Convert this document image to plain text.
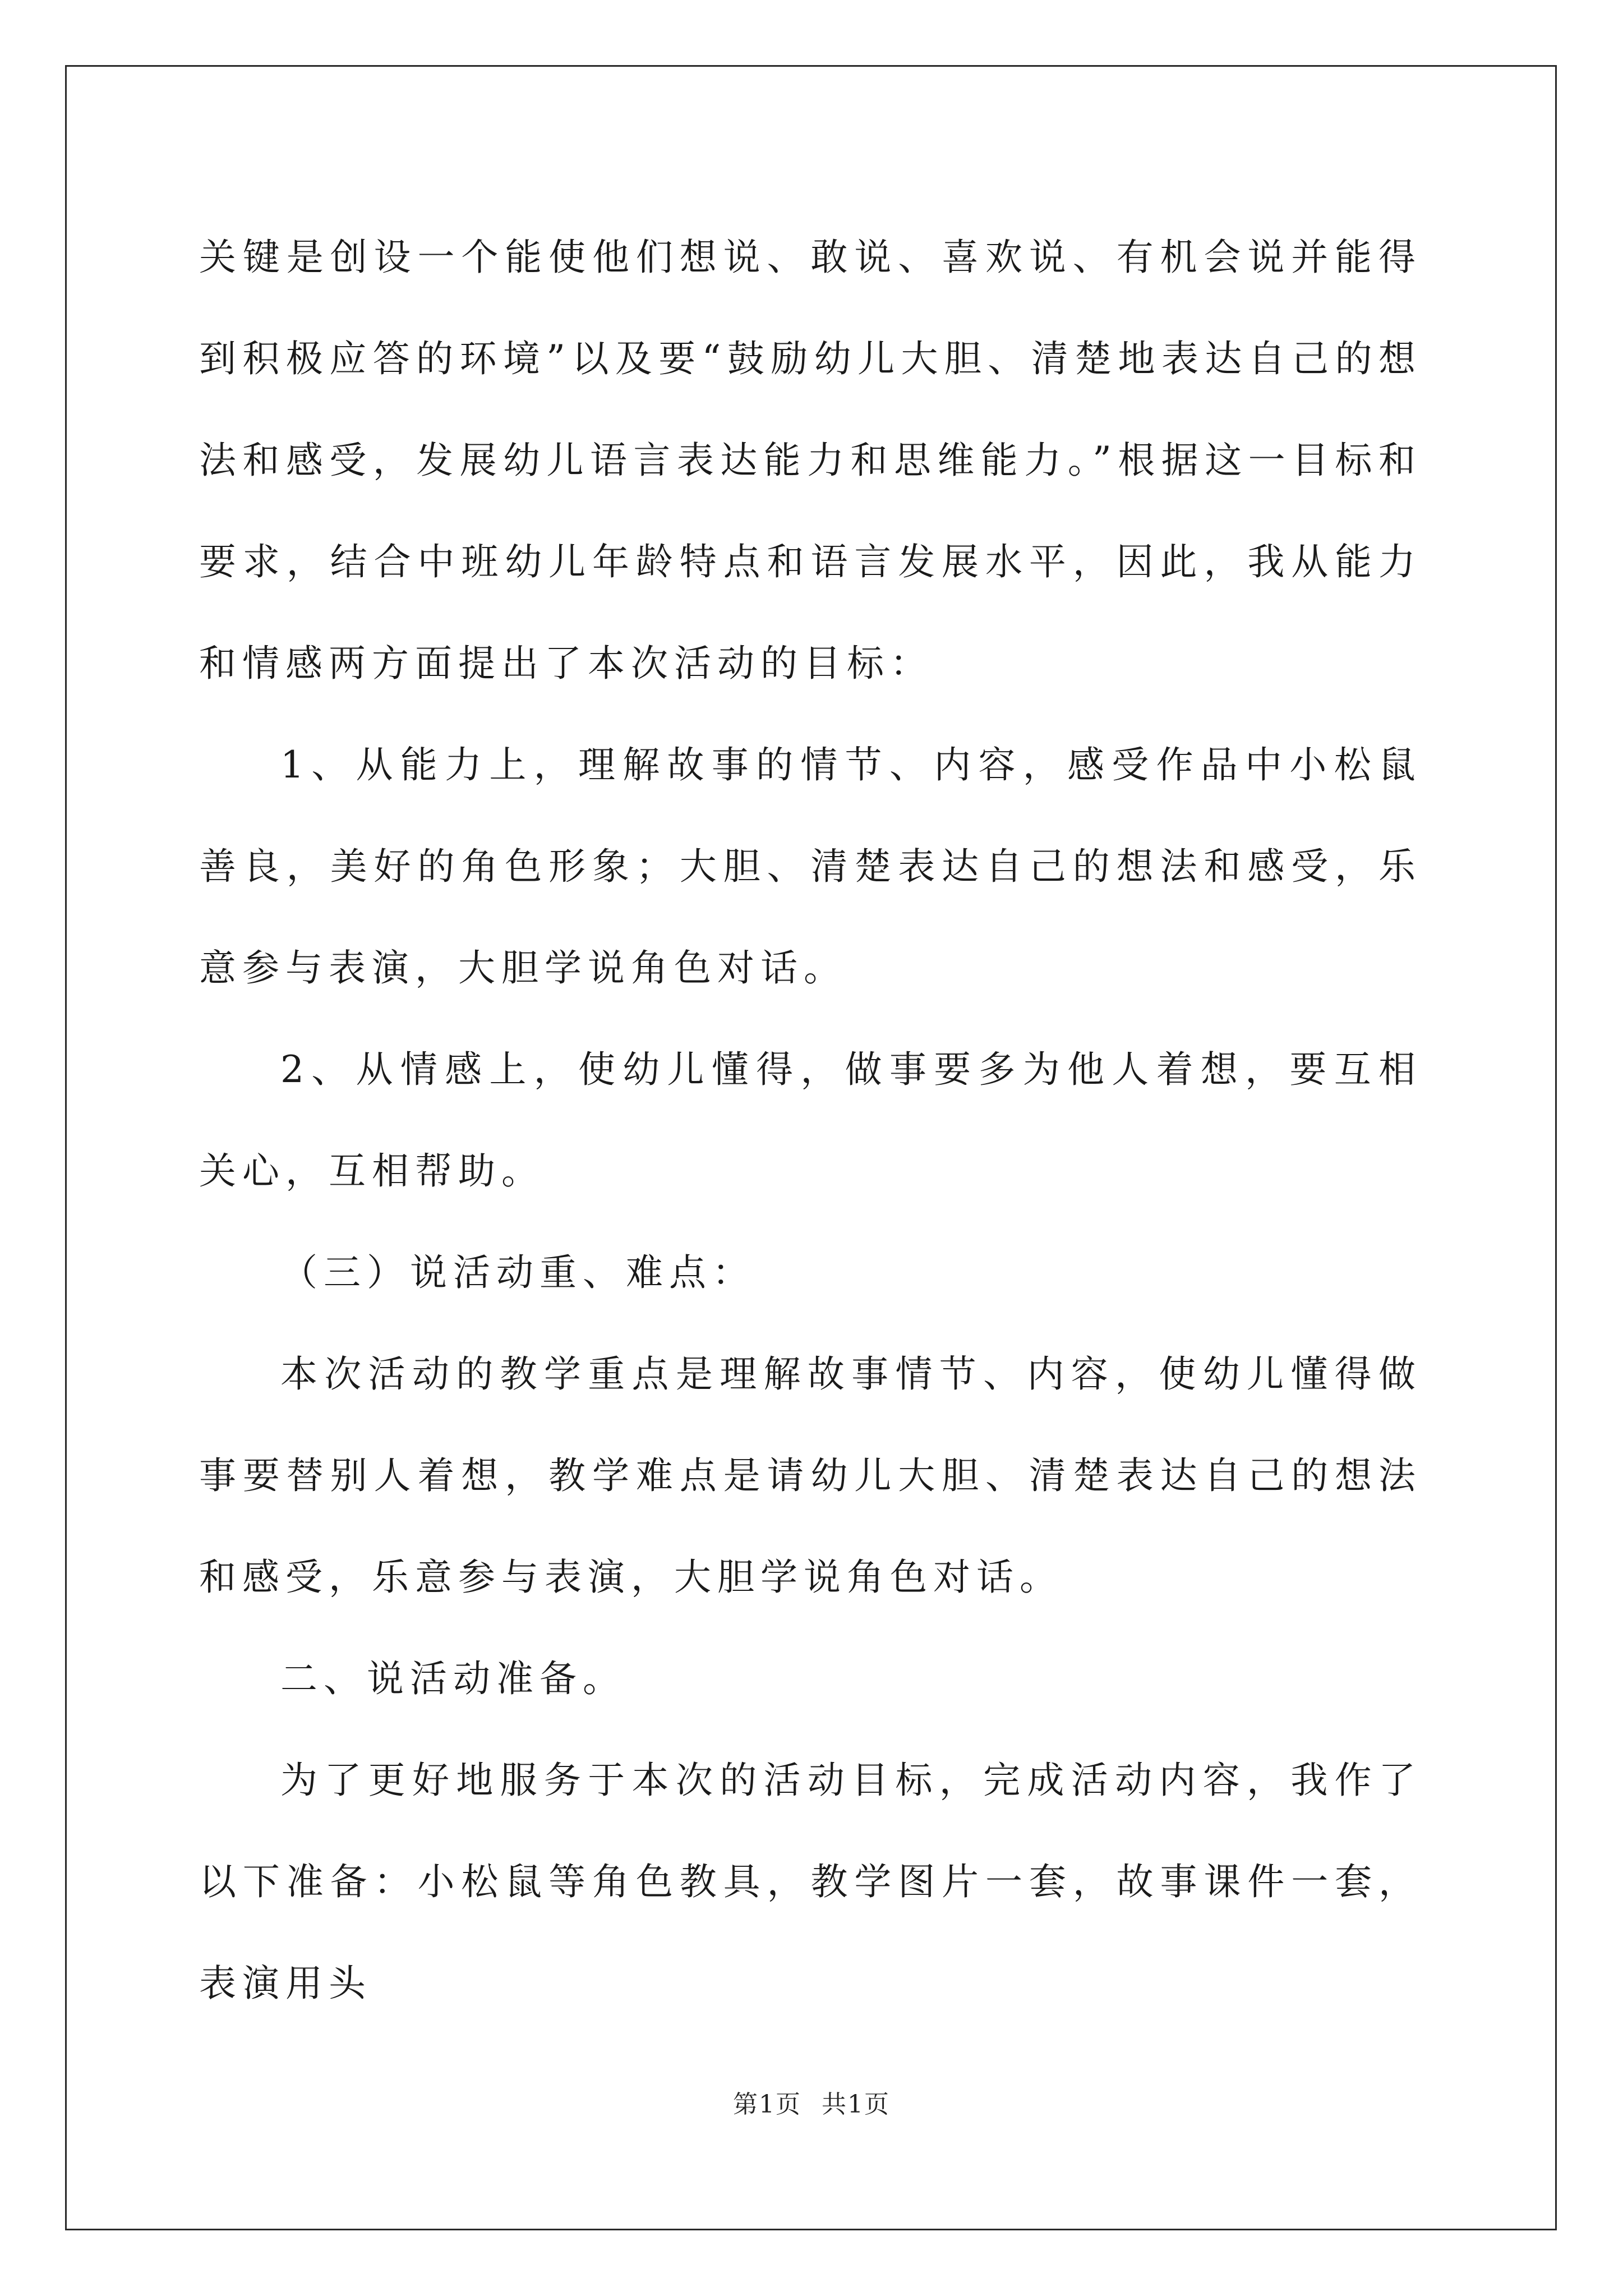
关键是创设一个能使他们想说、敢说、喜欢说、有机会说并能得到积极应答的环境”以及要“鼓励幼儿大胆、清楚地表达自己的想法和感受，发展幼儿语言表达能力和思维能力。”根据这一目标和要求，结合中班幼儿年龄特点和语言发展水平，因此，我从能力和情感两方面提出了本次活动的目标：

1、从能力上，理解故事的情节、内容，感受作品中小松鼠善良，美好的角色形象；大胆、清楚表达自己的想法和感受，乐意参与表演，大胆学说角色对话。

2、从情感上，使幼儿懂得，做事要多为他人着想，要互相关心，互相帮助。

（三）说活动重、难点：

本次活动的教学重点是理解故事情节、内容，使幼儿懂得做事要替别人着想，教学难点是请幼儿大胆、清楚表达自己的想法和感受，乐意参与表演，大胆学说角色对话。

二、说活动准备。

为了更好地服务于本次的活动目标，完成活动内容，我作了以下准备：小松鼠等角色教具，教学图片一套，故事课件一套，表演用头

第1页 共1页
